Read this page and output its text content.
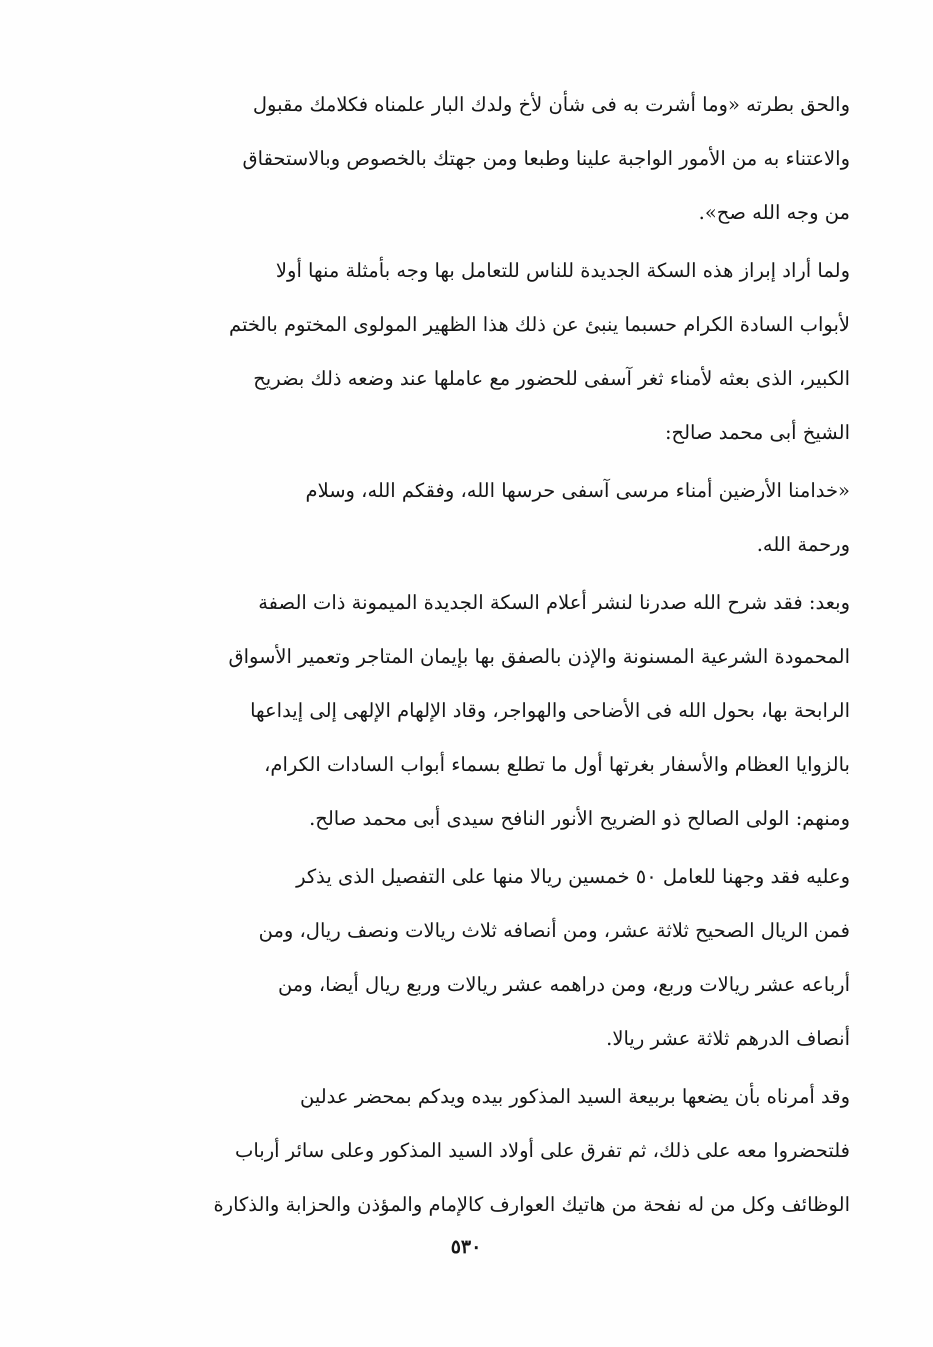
والحق بطرته «وما أشرت به فى شأن لأخ ولدك البار علمناه فكلامك مقبول
والاعتناء به من الأمور الواجبة علينا وطبعا ومن جهتك بالخصوص وبالاستحقاق
من وجه الله صح».
ولما أراد إبراز هذه السكة الجديدة للناس للتعامل بها وجه بأمثلة منها أولا
لأبواب السادة الكرام حسبما ينبئ عن ذلك هذا الظهير المولوى المختوم بالختم
الكبير، الذى بعثه لأمناء ثغر آسفى للحضور مع عاملها عند وضعه ذلك بضريح
الشيخ أبى محمد صالح:
«خدامنا الأرضين أمناء مرسى آسفى حرسها الله، وفقكم الله، وسلام
ورحمة الله.
وبعد: فقد شرح الله صدرنا لنشر أعلام السكة الجديدة الميمونة ذات الصفة
المحمودة الشرعية المسنونة والإذن بالصفق بها بإيمان المتاجر وتعمير الأسواق
الرابحة بها، بحول الله فى الأضاحى والهواجر، وقاد الإلهام الإلهى إلى إيداعها
بالزوايا العظام والأسفار بغرتها أول ما تطلع بسماء أبواب السادات الكرام،
ومنهم: الولى الصالح ذو الضريح الأنور النافح سيدى أبى محمد صالح.
وعليه فقد وجهنا للعامل ٥٠ خمسين ريالا منها على التفصيل الذى يذكر
فمن الريال الصحيح ثلاثة عشر، ومن أنصافه ثلاث ريالات ونصف ريال، ومن
أرباعه عشر ريالات وربع، ومن دراهمه عشر ريالات وربع ريال أيضا، ومن
أنصاف الدرهم ثلاثة عشر ريالا.
وقد أمرناه بأن يضعها بربيعة السيد المذكور بيده ويدكم بمحضر عدلين
فلتحضروا معه على ذلك، ثم تفرق على أولاد السيد المذكور وعلى سائر أرباب
الوظائف وكل من له نفحة من هاتيك العوارف كالإمام والمؤذن والحزابة والذكارة
٥٣٠
